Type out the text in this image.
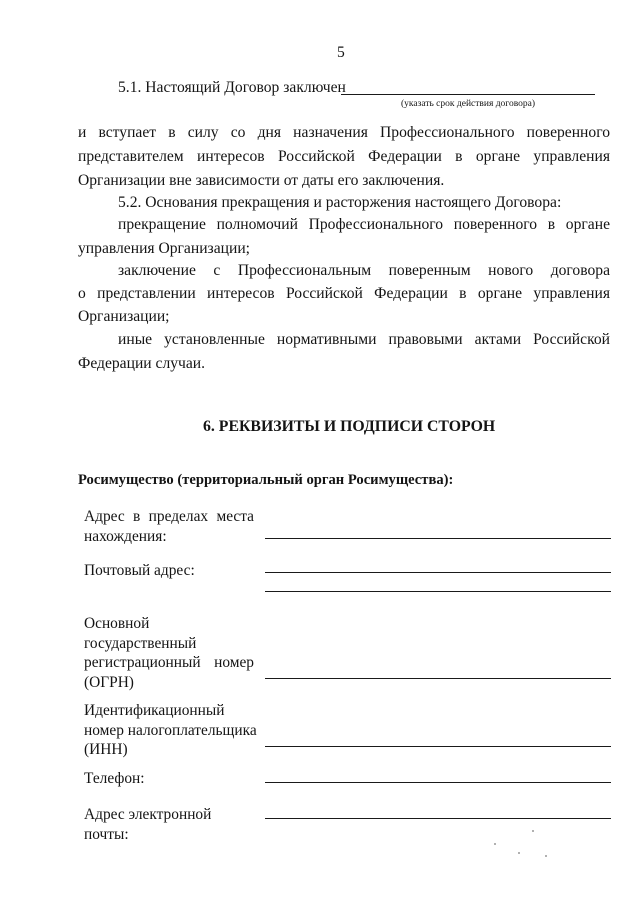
5
5.1. Настоящий Договор заключен
(указать срок действия договора)
и вступает в силу со дня назначения Профессионального поверенного
представителем интересов Российской Федерации в органе управления
Организации вне зависимости от даты его заключения.
5.2. Основания прекращения и расторжения настоящего Договора:
прекращение полномочий Профессионального поверенного в органе
управления Организации;
заключение с Профессиональным поверенным нового договора
о представлении интересов Российской Федерации в органе управления
Организации;
иные установленные нормативными правовыми актами Российской
Федерации случаи.
6. РЕКВИЗИТЫ И ПОДПИСИ СТОРОН
Росимущество (территориальный орган Росимущества):
Адрес в пределах места
нахождения:
Почтовый адрес:
Основной
государственный
регистрационный номер
(ОГРН)
Идентификационный
номер налогоплательщика
(ИНН)
Телефон:
Адрес электронной
почты:
